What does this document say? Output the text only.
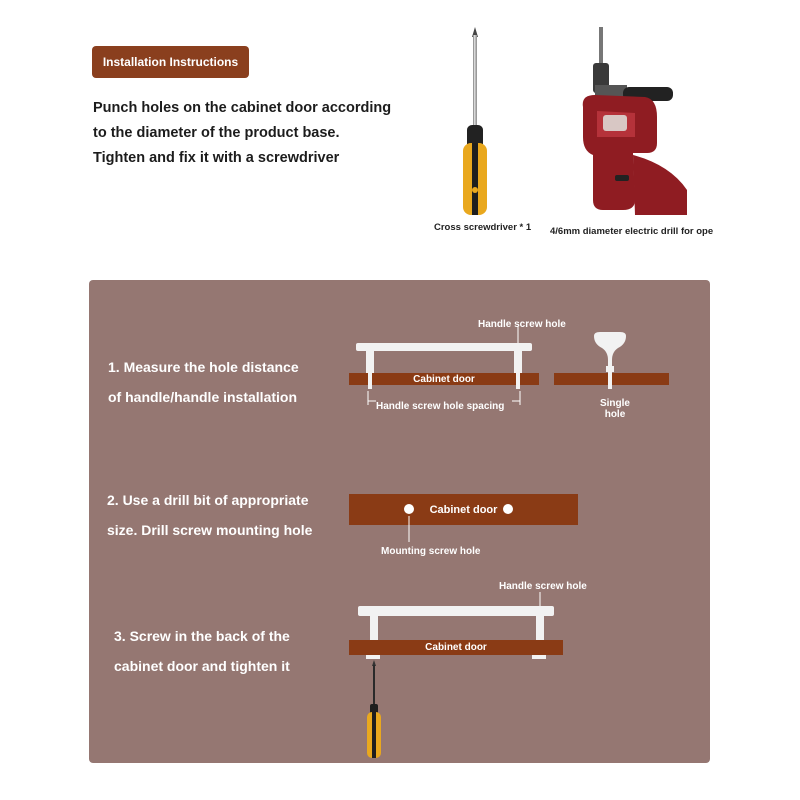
Installation Instructions
Punch holes on the cabinet door according
to the diameter of the product base.
Tighten and fix it with a screwdriver
Cross screwdriver * 1 4/6mm diameter electric drill for ope
1. Measure the hole distance
of handle/handle installation
Handle screw hole
Cabinet door
Handle screw hole spacing	Single
hole
2. Use a drill bit of appropriate
size. Drill screw mounting hole
Cabinet door
Mounting screw hole
3. Screw in the back of the
cabinet door and tighten it
Handle screw hole
Cabinet door
